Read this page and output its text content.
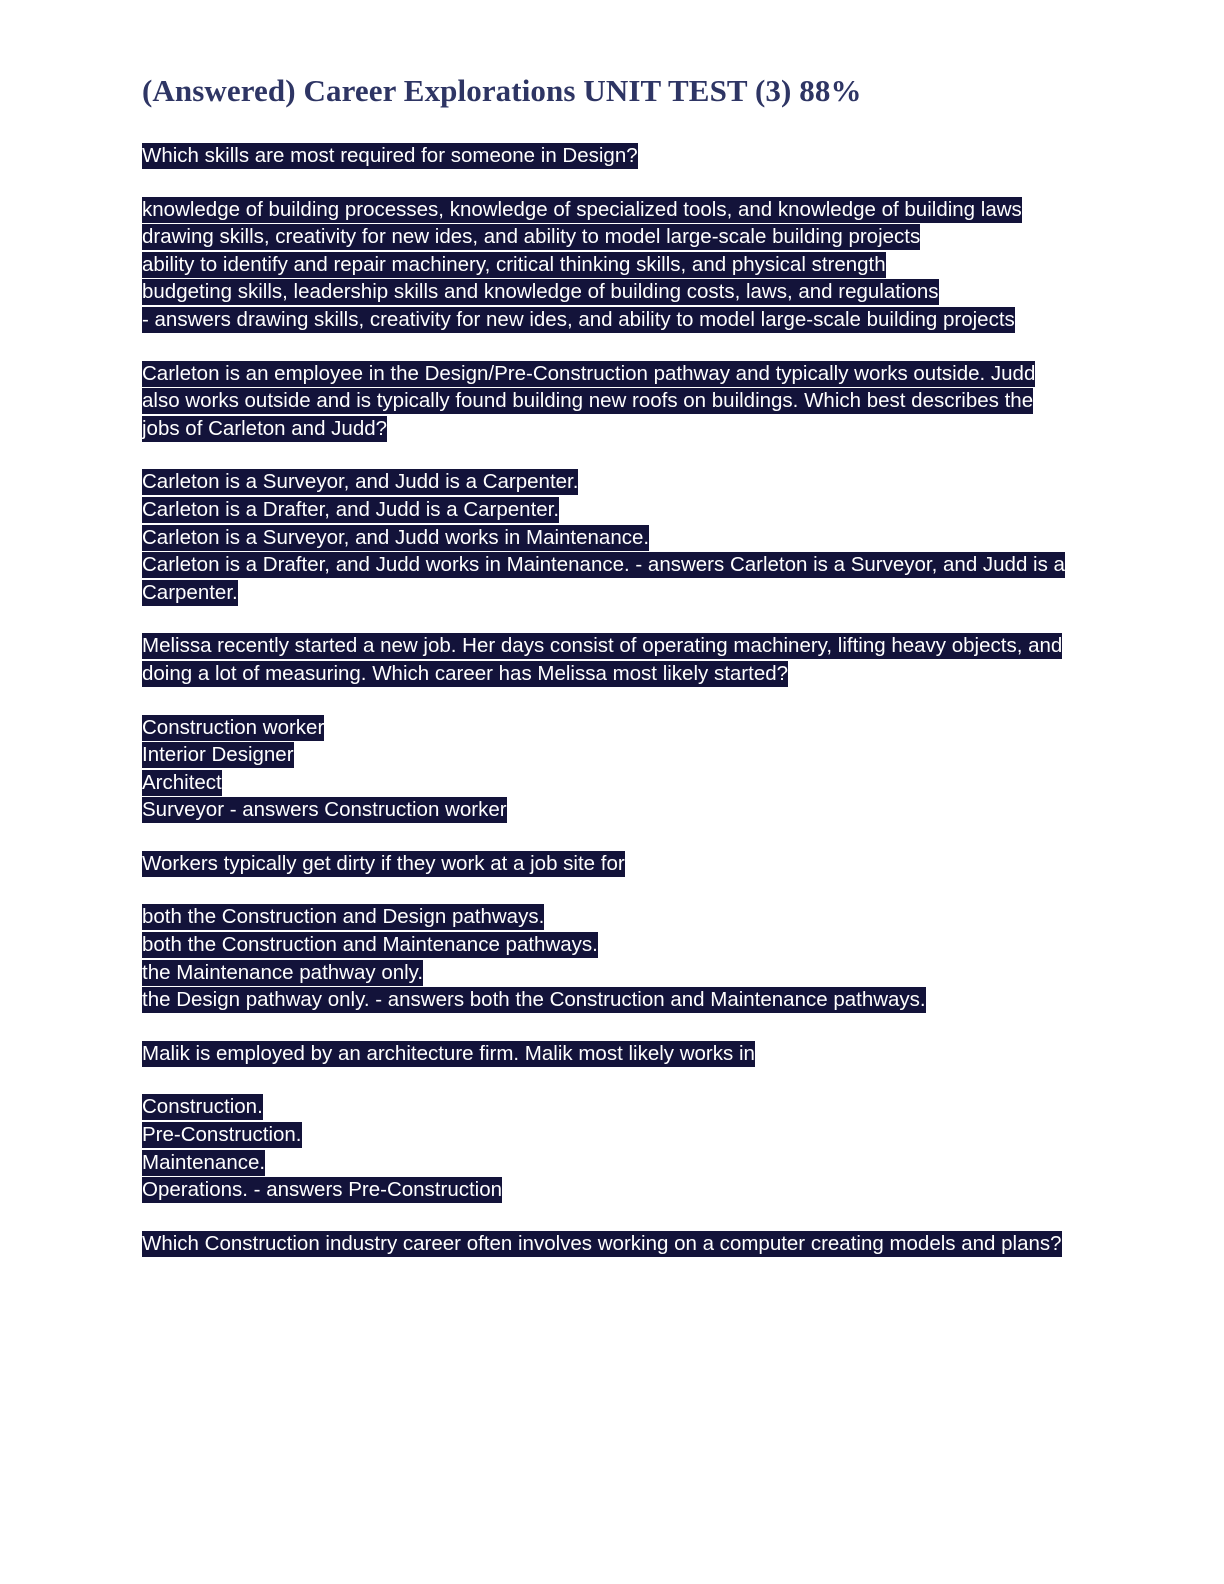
(Answered) Career Explorations UNIT TEST (3) 88%

Which skills are most required for someone in Design?

knowledge of building processes, knowledge of specialized tools, and knowledge of building laws
drawing skills, creativity for new ides, and ability to model large-scale building projects
ability to identify and repair machinery, critical thinking skills, and physical strength
budgeting skills, leadership skills and knowledge of building costs, laws, and regulations
- answers drawing skills, creativity for new ides, and ability to model large-scale building projects

Carleton is an employee in the Design/Pre-Construction pathway and typically works outside. Judd also works outside and is typically found building new roofs on buildings. Which best describes the jobs of Carleton and Judd?

Carleton is a Surveyor, and Judd is a Carpenter.
Carleton is a Drafter, and Judd is a Carpenter.
Carleton is a Surveyor, and Judd works in Maintenance.
Carleton is a Drafter, and Judd works in Maintenance. - answers Carleton is a Surveyor, and Judd is a Carpenter.

Melissa recently started a new job. Her days consist of operating machinery, lifting heavy objects, and doing a lot of measuring. Which career has Melissa most likely started?

Construction worker
Interior Designer
Architect
Surveyor - answers Construction worker

Workers typically get dirty if they work at a job site for

both the Construction and Design pathways.
both the Construction and Maintenance pathways.
the Maintenance pathway only.
the Design pathway only. - answers both the Construction and Maintenance pathways.

Malik is employed by an architecture firm. Malik most likely works in

Construction.
Pre-Construction.
Maintenance.
Operations. - answers Pre-Construction

Which Construction industry career often involves working on a computer creating models and plans?
